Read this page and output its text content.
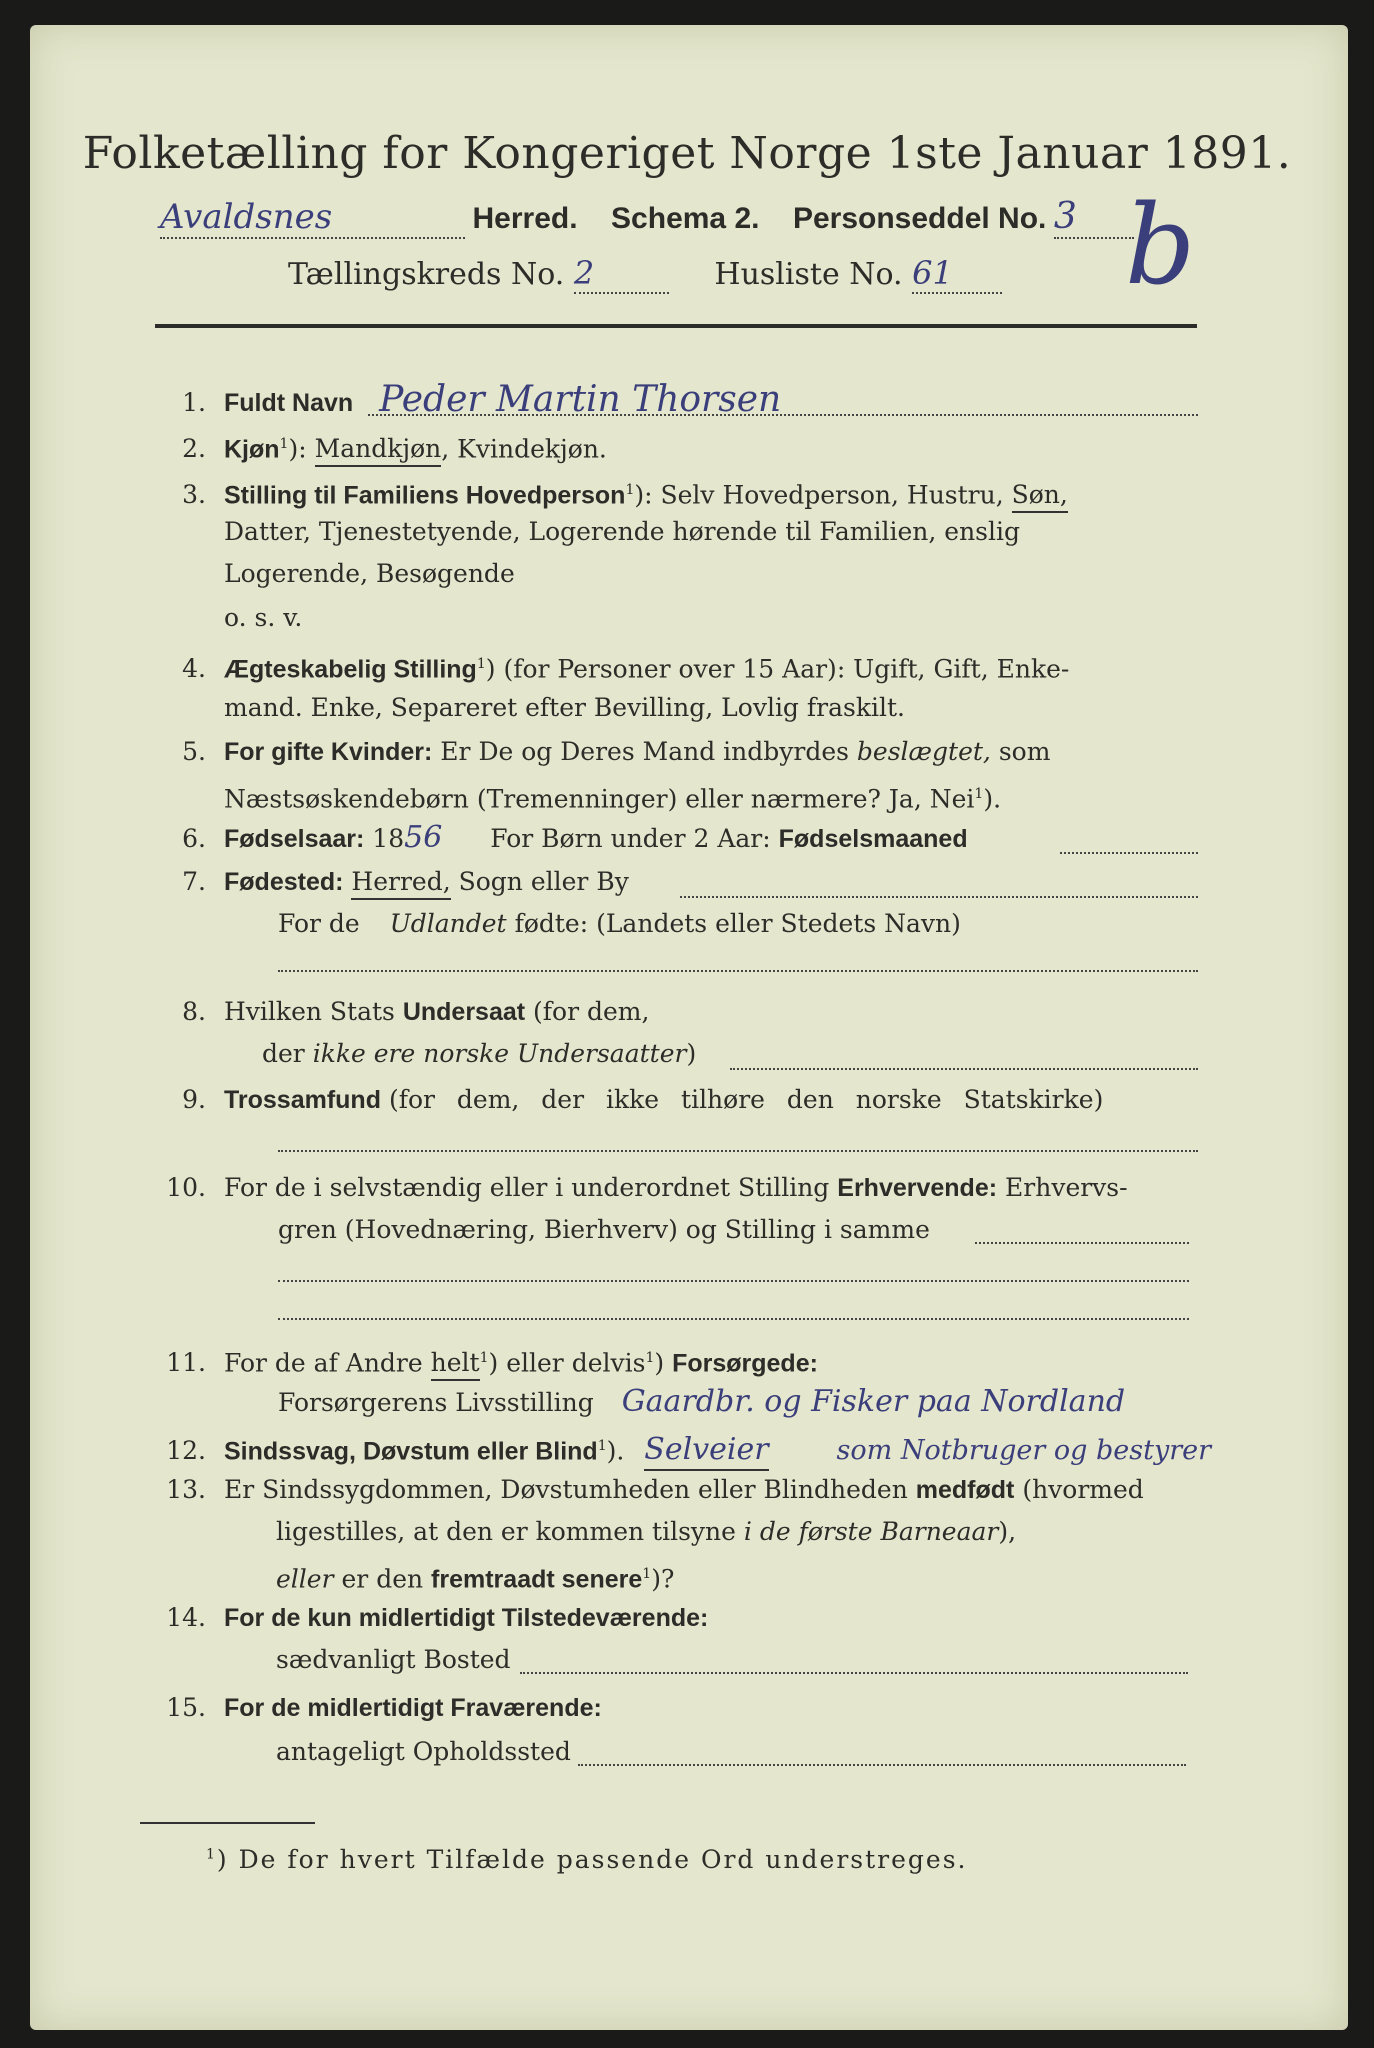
Folketælling for Kongeriget Norge 1ste Januar 1891.
Avaldsnes	Herred. Schema 2. Personseddel No. 3
Tællingskreds No. 2	Husliste No. 61	b
1. Fuldt Navn Peder Martin Thorsen
2. Kjøn$^1$): Mandkjøn, Kvindekjøn.
3. Stilling til Familiens Hovedperson$^1$): Selv Hovedperson, Hustru, Søn,
Datter, Tjenestetyende, Logerende hørende til Familien, enslig
Logerende, Besøgende
o. s. v.
4. Ægteskabelig Stilling$^1$) (for Personer over 15 Aar): Ugift, Gift, Enke-
mand. Enke, Separeret efter Bevilling, Lovlig fraskilt.
5. For gifte Kvinder: Er De og Deres Mand indbyrdes beslægtet, som
Næstsøskendebørn (Tremenninger) eller nærmere? Ja, Nei$^1$).
6. Fødselsaar: 1856 For Børn under 2 Aar: Fødselsmaaned
7. Fødested: Herred, Sogn eller By
For de Udlandet fødte: (Landets eller Stedets Navn)
8. Hvilken Stats Undersaat (for dem,
der ikke ere norske Undersaatter)
9. Trossamfund (for dem, der ikke tilhøre den norske Statskirke)
10. For de i selvstændig eller i underordnet Stilling Erhvervende: Erhvervs-
gren (Hovednæring, Bierhverv) og Stilling i samme
11. For de af Andre helt$^1$) eller delvis$^1$) Forsørgede:
Forsørgerens Livsstilling Gaardbr. og Fisker paa Nordland
12. Sindssvag, Døvstum eller Blind$^1$). Selveier	som Notbruger og bestyrer
13. Er Sindssygdommen, Døvstumheden eller Blindheden medfødt (hvormed
ligestilles, at den er kommen tilsyne i de første Barneaar),
eller er den fremtraadt senere$^1$)?
14. For de kun midlertidigt Tilstedeværende:
sædvanligt Bosted
15. For de midlertidigt Fraværende:
antageligt Opholdssted
$^1$) De for hvert Tilfælde passende Ord understreges.
